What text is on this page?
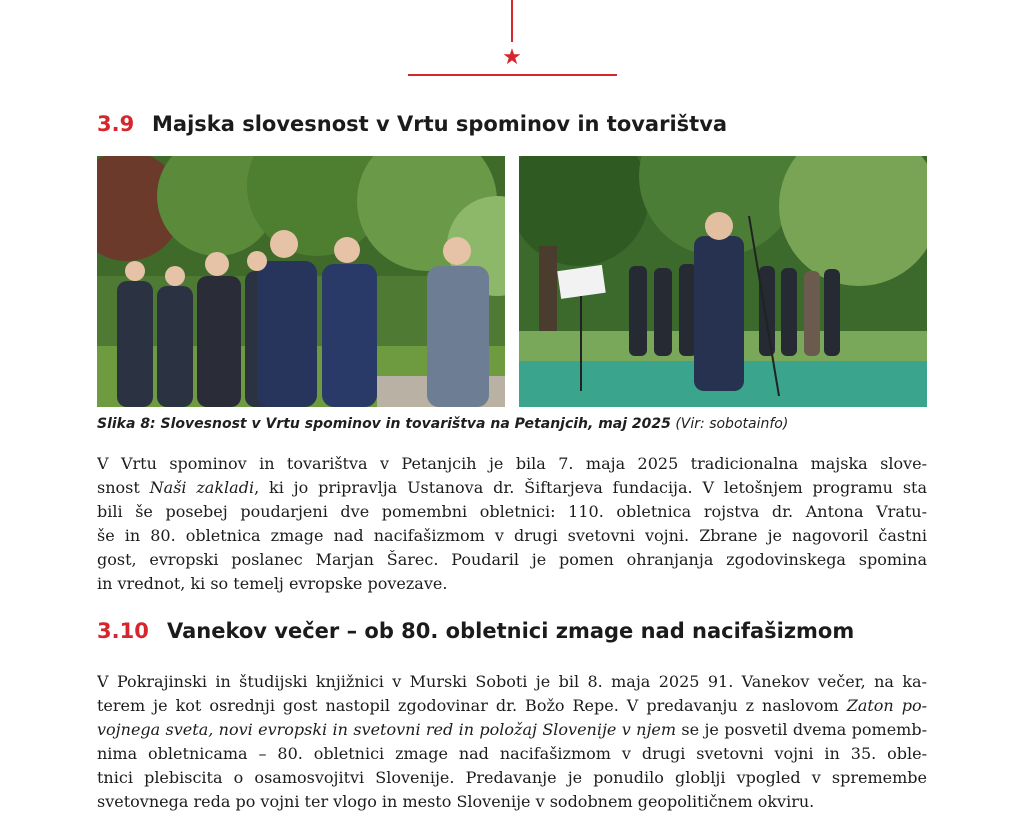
★
3.9 Majska slovesnost v Vrtu spominov in tovarištva
Slika 8: Slovesnost v Vrtu spominov in tovarištva na Petanjcih, maj 2025 (Vir: sobotainfo)
V Vrtu spominov in tovarištva v Petanjcih je bila 7. maja 2025 tradicionalna majska slove-
snost Naši zakladi, ki jo pripravlja Ustanova dr. Šiftarjeva fundacija. V letošnjem programu sta
bili še posebej poudarjeni dve pomembni obletnici: 110. obletnica rojstva dr. Antona Vratu-
še in 80. obletnica zmage nad nacifašizmom v drugi svetovni vojni. Zbrane je nagovoril častni
gost, evropski poslanec Marjan Šarec. Poudaril je pomen ohranjanja zgodovinskega spomina
in vrednot, ki so temelj evropske povezave.
3.10 Vanekov večer – ob 80. obletnici zmage nad nacifašizmom
V Pokrajinski in študijski knjižnici v Murski Soboti je bil 8. maja 2025 91. Vanekov večer, na ka-
terem je kot osrednji gost nastopil zgodovinar dr. Božo Repe. V predavanju z naslovom Zaton po-
vojnega sveta, novi evropski in svetovni red in položaj Slovenije v njem se je posvetil dvema pomemb-
nima obletnicama – 80. obletnici zmage nad nacifašizmom v drugi svetovni vojni in 35. oble-
tnici plebiscita o osamosvojitvi Slovenije. Predavanje je ponudilo globlji vpogled v spremembe
svetovnega reda po vojni ter vlogo in mesto Slovenije v sodobnem geopolitičnem okviru.
